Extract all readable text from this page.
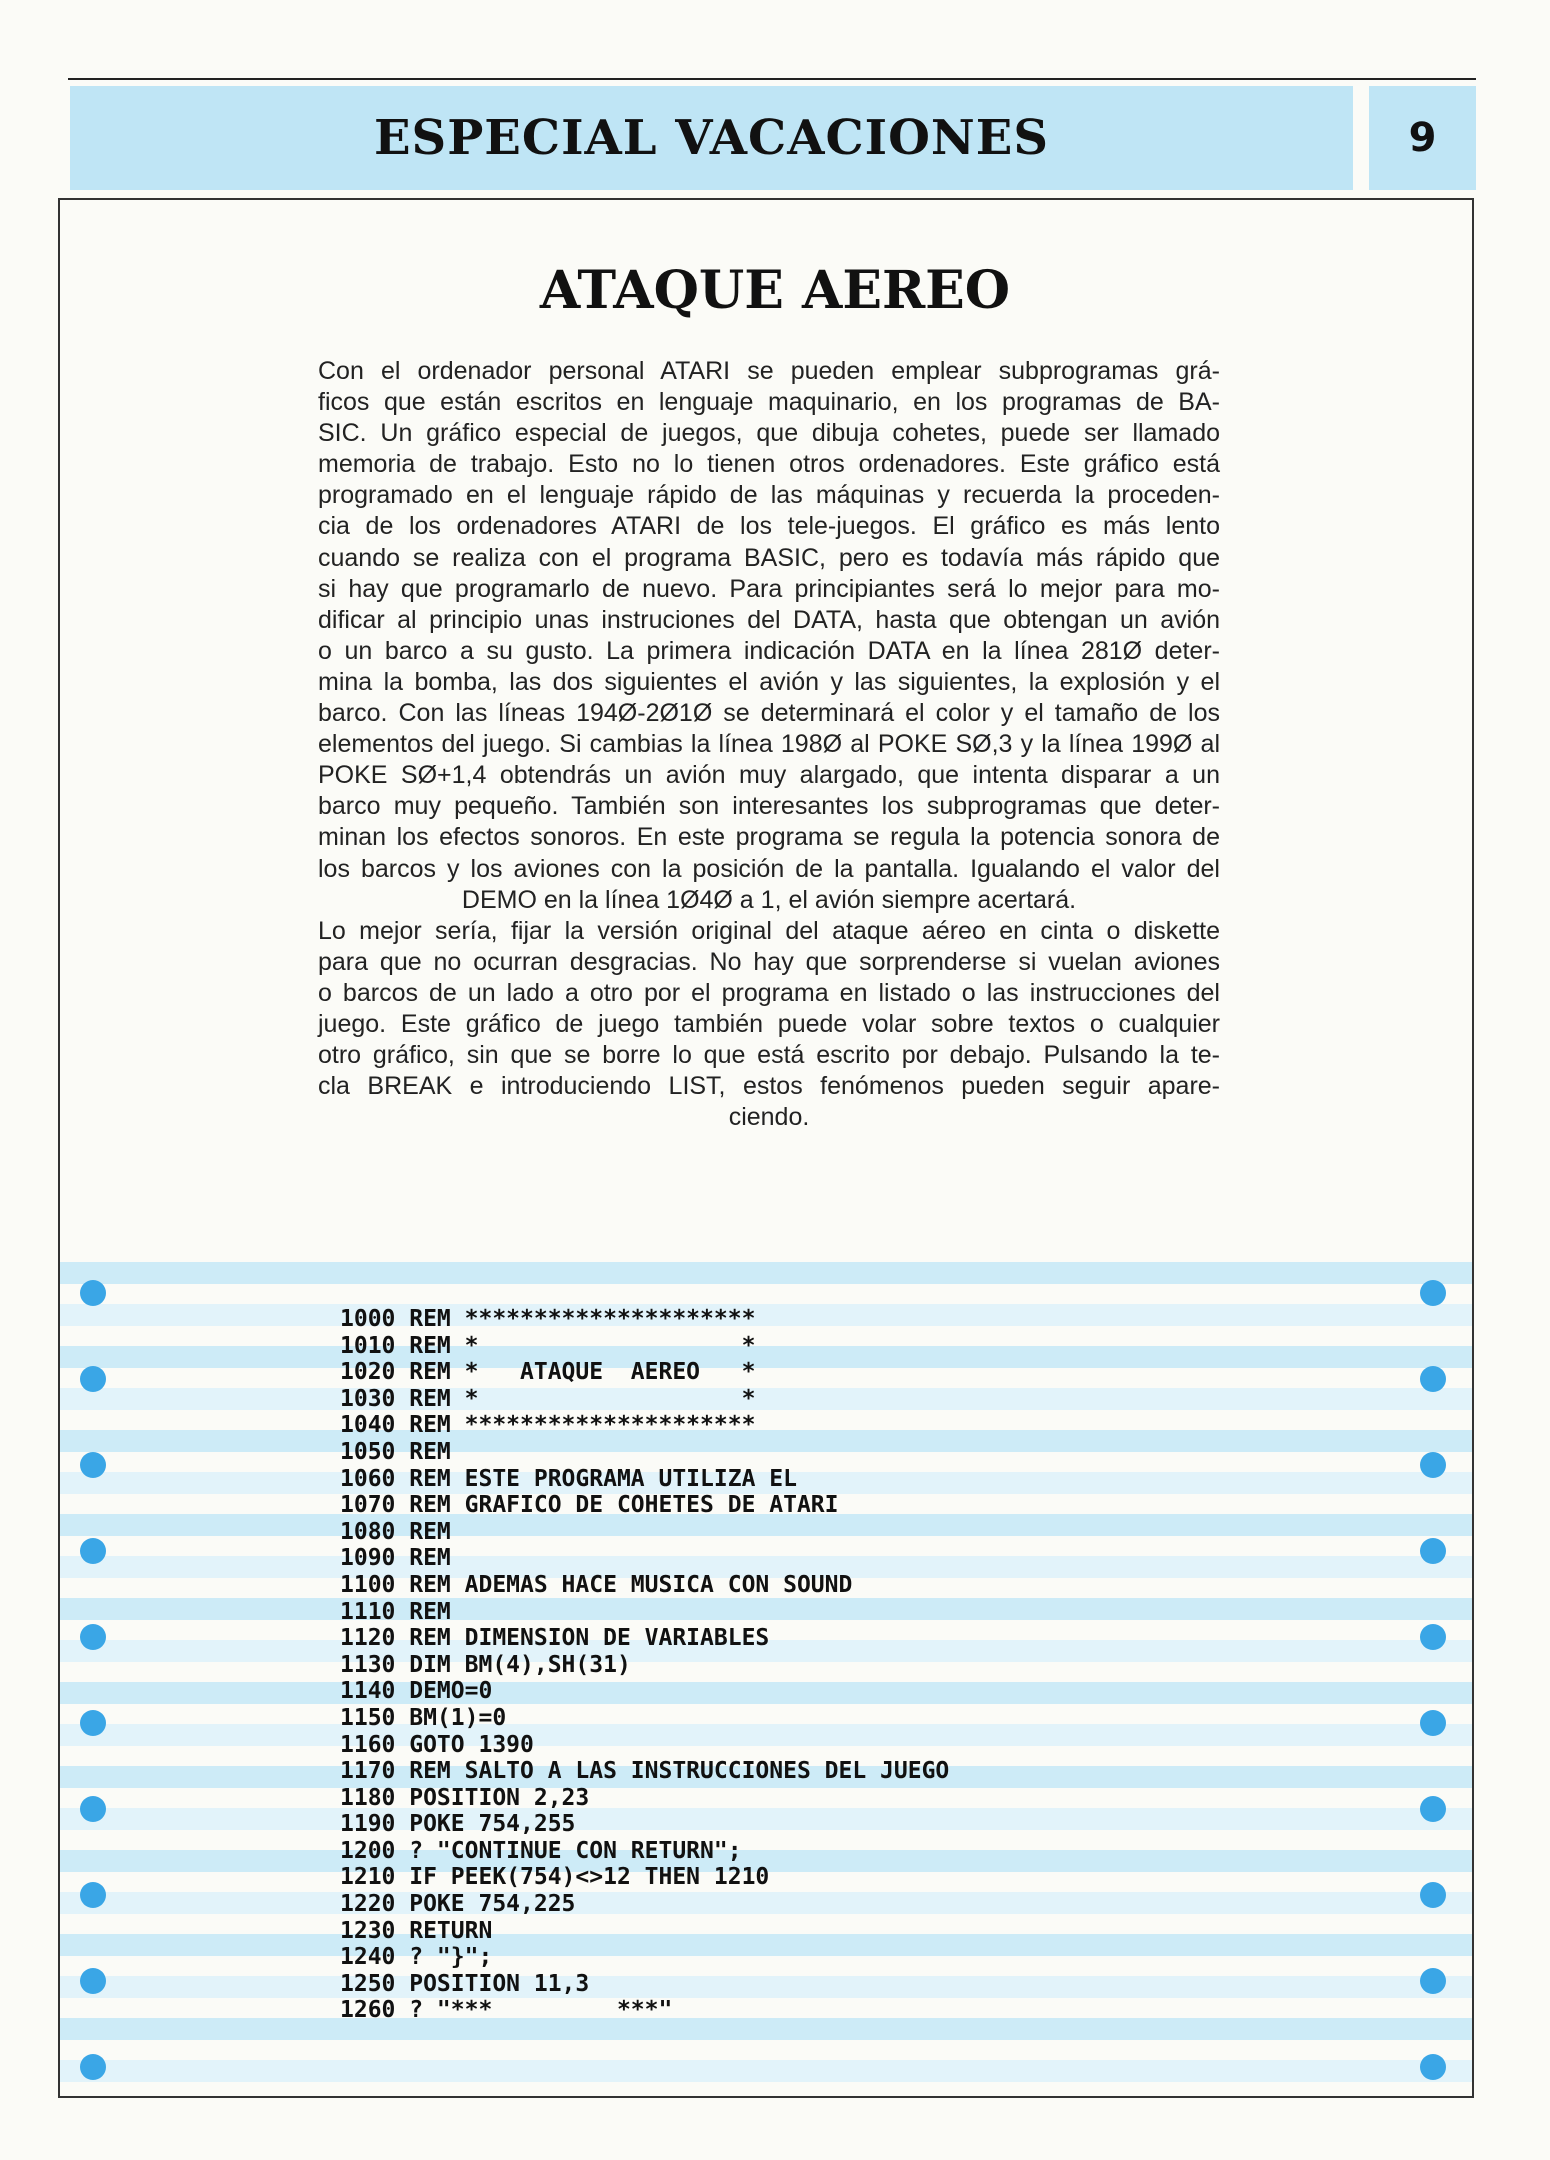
ESPECIAL VACACIONES	9
ATAQUE AEREO
Con el ordenador personal ATARI se pueden emplear subprogramas grá-
ficos que están escritos en lenguaje maquinario, en los programas de BA-
SIC. Un gráfico especial de juegos, que dibuja cohetes, puede ser llamado
memoria de trabajo. Esto no lo tienen otros ordenadores. Este gráfico está
programado en el lenguaje rápido de las máquinas y recuerda la proceden-
cia de los ordenadores ATARI de los tele-juegos. El gráfico es más lento
cuando se realiza con el programa BASIC, pero es todavía más rápido que
si hay que programarlo de nuevo. Para principiantes será lo mejor para mo-
dificar al principio unas instruciones del DATA, hasta que obtengan un avión
o un barco a su gusto. La primera indicación DATA en la línea 281Ø deter-
mina la bomba, las dos siguientes el avión y las siguientes, la explosión y el
barco. Con las líneas 194Ø-2Ø1Ø se determinará el color y el tamaño de los
elementos del juego. Si cambias la línea 198Ø al POKE SØ,3 y la línea 199Ø al
POKE SØ+1,4 obtendrás un avión muy alargado, que intenta disparar a un
barco muy pequeño. También son interesantes los subprogramas que deter-
minan los efectos sonoros. En este programa se regula la potencia sonora de
los barcos y los aviones con la posición de la pantalla. Igualando el valor del
DEMO en la línea 1Ø4Ø a 1, el avión siempre acertará.
Lo mejor sería, fijar la versión original del ataque aéreo en cinta o diskette
para que no ocurran desgracias. No hay que sorprenderse si vuelan aviones
o barcos de un lado a otro por el programa en listado o las instrucciones del
juego. Este gráfico de juego también puede volar sobre textos o cualquier
otro gráfico, sin que se borre lo que está escrito por debajo. Pulsando la te-
cla BREAK e introduciendo LIST, estos fenómenos pueden seguir apare-
ciendo.
1000 REM *********************
1010 REM *                   *
1020 REM *   ATAQUE  AEREO   *
1030 REM *                   *
1040 REM *********************
1050 REM
1060 REM ESTE PROGRAMA UTILIZA EL
1070 REM GRAFICO DE COHETES DE ATARI
1080 REM
1090 REM
1100 REM ADEMAS HACE MUSICA CON SOUND
1110 REM
1120 REM DIMENSION DE VARIABLES
1130 DIM BM(4),SH(31)
1140 DEMO=0
1150 BM(1)=0
1160 GOTO 1390
1170 REM SALTO A LAS INSTRUCCIONES DEL JUEGO
1180 POSITION 2,23
1190 POKE 754,255
1200 ? "CONTINUE CON RETURN";
1210 IF PEEK(754)<>12 THEN 1210
1220 POKE 754,225
1230 RETURN
1240 ? "}";
1250 POSITION 11,3
1260 ? "***         ***"
